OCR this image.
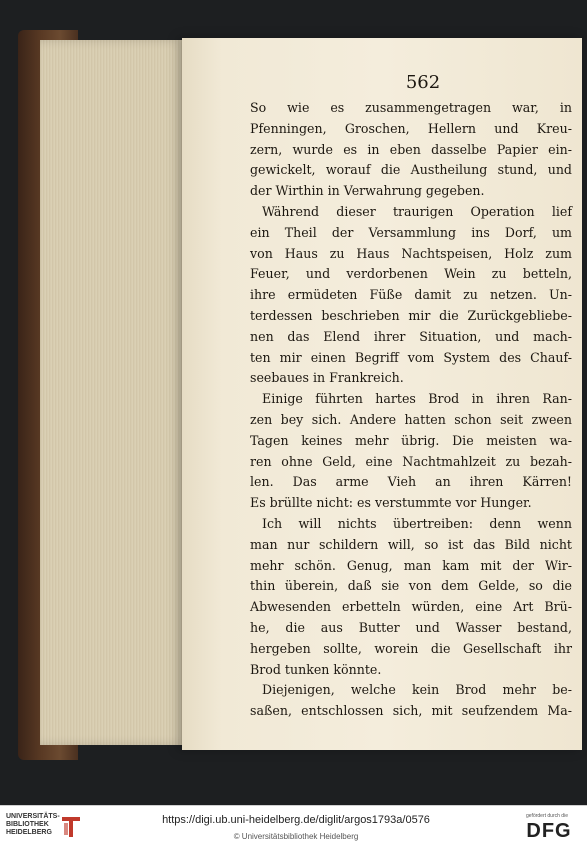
562
So wie es zusammengetragen war, in
Pfenningen, Groschen, Hellern und Kreu-
zern, wurde es in eben dasselbe Papier ein-
gewickelt, worauf die Austheilung stund, und
der Wirthin in Verwahrung gegeben.
Während dieser traurigen Operation lief
ein Theil der Versammlung ins Dorf, um
von Haus zu Haus Nachtspeisen, Holz zum
Feuer, und verdorbenen Wein zu betteln,
ihre ermüdeten Füße damit zu netzen. Un-
terdessen beschrieben mir die Zurückgebliebe-
nen das Elend ihrer Situation, und mach-
ten mir einen Begriff vom System des Chauf-
seebaues in Frankreich.
Einige führten hartes Brod in ihren Ran-
zen bey sich. Andere hatten schon seit zween
Tagen keines mehr übrig. Die meisten wa-
ren ohne Geld, eine Nachtmahlzeit zu bezah-
len. Das arme Vieh an ihren Kärren!
Es brüllte nicht: es verstummte vor Hunger.
Ich will nichts übertreiben: denn wenn
man nur schildern will, so ist das Bild nicht
mehr schön. Genug, man kam mit der Wir-
thin überein, daß sie von dem Gelde, so die
Abwesenden erbetteln würden, eine Art Brü-
he, die aus Butter und Wasser bestand,
hergeben sollte, worein die Gesellschaft ihr
Brod tunken könnte.
Diejenigen, welche kein Brod mehr be-
saßen, entschlossen sich, mit seufzendem Ma-
UNIVERSITÄTS-
BIBLIOTHEK
HEIDELBERG
https://digi.ub.uni-heidelberg.de/diglit/argos1793a/0576
© Universitätsbibliothek Heidelberg
gefördert durch die
DFG
